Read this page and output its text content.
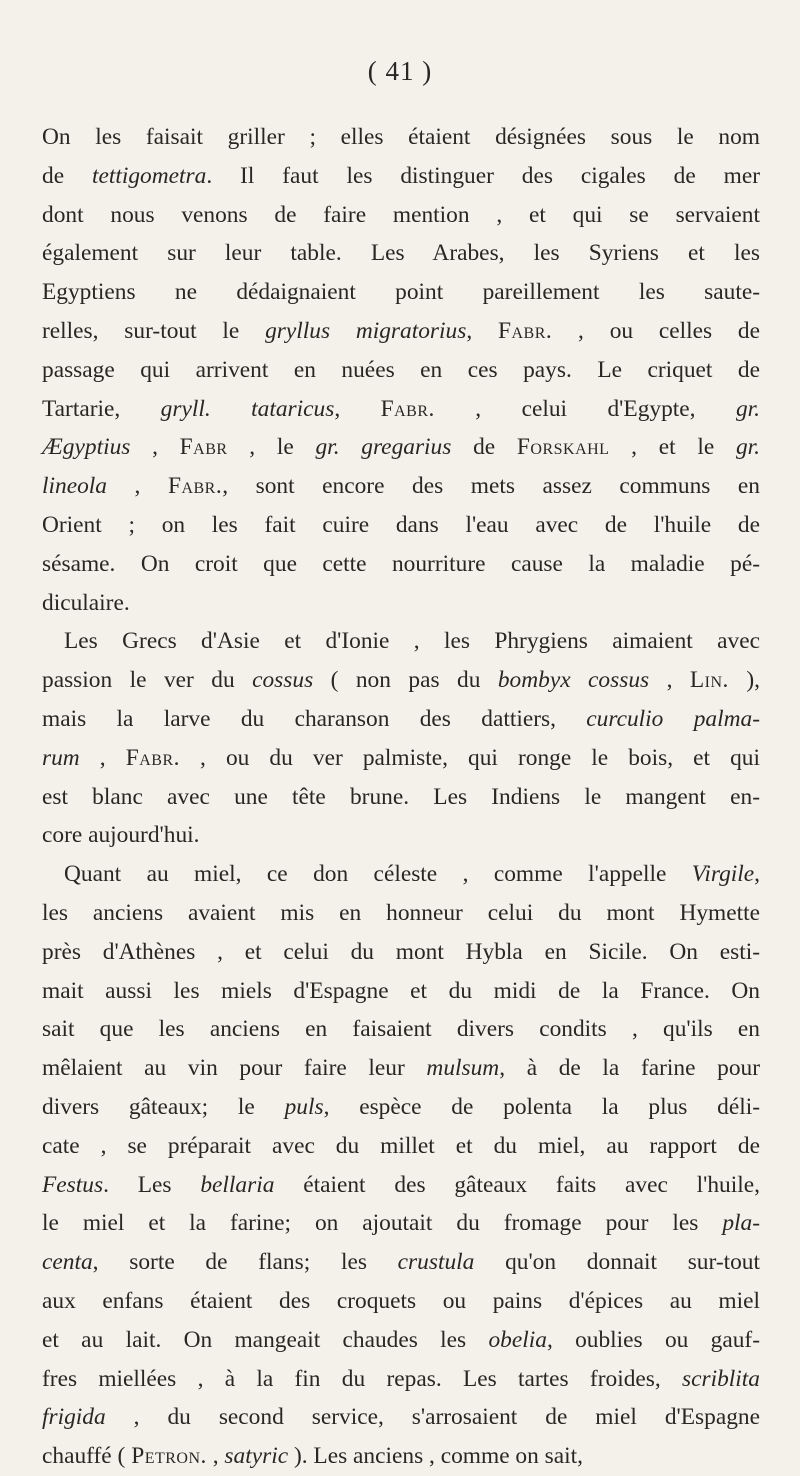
( 41 )
On les faisait griller ; elles étaient désignées sous le nom
de tettigometra. Il faut les distinguer des cigales de mer
dont nous venons de faire mention , et qui se servaient
également sur leur table. Les Arabes, les Syriens et les
Egyptiens ne dédaignaient point pareillement les saute-
relles, sur-tout le gryllus migratorius, Fabr. , ou celles de
passage qui arrivent en nuées en ces pays. Le criquet de
Tartarie, gryll. tataricus, Fabr. , celui d'Egypte, gr.
Ægyptius , Fabr , le gr. gregarius de Forskahl , et le gr.
lineola , Fabr., sont encore des mets assez communs en
Orient ; on les fait cuire dans l'eau avec de l'huile de
sésame. On croit que cette nourriture cause la maladie pé-
diculaire.
Les Grecs d'Asie et d'Ionie , les Phrygiens aimaient avec
passion le ver du cossus ( non pas du bombyx cossus , Lin. ),
mais la larve du charanson des dattiers, curculio palma-
rum , Fabr. , ou du ver palmiste, qui ronge le bois, et qui
est blanc avec une tête brune. Les Indiens le mangent en-
core aujourd'hui.
Quant au miel, ce don céleste , comme l'appelle Virgile,
les anciens avaient mis en honneur celui du mont Hymette
près d'Athènes , et celui du mont Hybla en Sicile. On esti-
mait aussi les miels d'Espagne et du midi de la France. On
sait que les anciens en faisaient divers condits , qu'ils en
mêlaient au vin pour faire leur mulsum, à de la farine pour
divers gâteaux; le puls, espèce de polenta la plus déli-
cate , se préparait avec du millet et du miel, au rapport de
Festus. Les bellaria étaient des gâteaux faits avec l'huile,
le miel et la farine; on ajoutait du fromage pour les pla-
centa, sorte de flans; les crustula qu'on donnait sur-tout
aux enfans étaient des croquets ou pains d'épices au miel
et au lait. On mangeait chaudes les obelia, oublies ou gauf-
fres miellées , à la fin du repas. Les tartes froides, scriblita
frigida , du second service, s'arrosaient de miel d'Espagne
chauffé ( Petron. , satyric ). Les anciens , comme on sait,
